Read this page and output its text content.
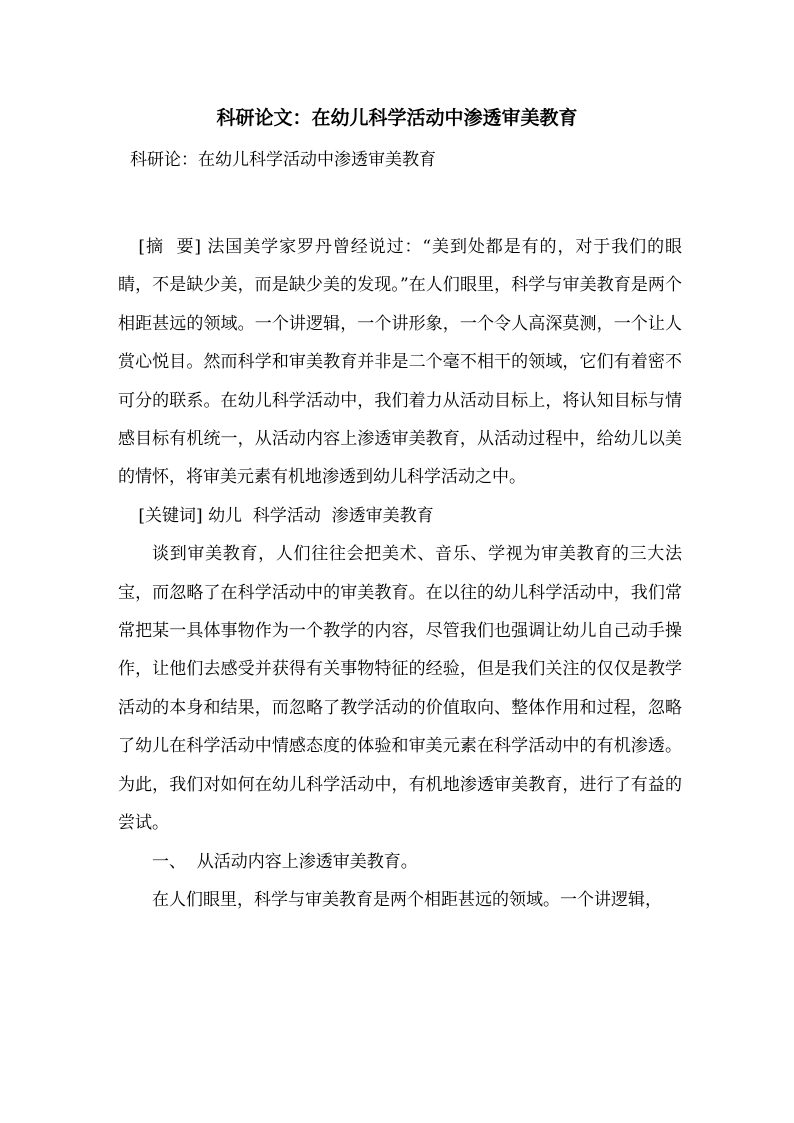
科研论文：在幼儿科学活动中渗透审美教育
科研论：在幼儿科学活动中渗透审美教育

[摘  要] 法国美学家罗丹曾经说过：“美到处都是有的，对于我们的眼睛，不是缺少美，而是缺少美的发现。”在人们眼里，科学与审美教育是两个相距甚远的领域。一个讲逻辑，一个讲形象，一个令人高深莫测，一个让人赏心悦目。然而科学和审美教育并非是二个毫不相干的领域，它们有着密不可分的联系。在幼儿科学活动中，我们着力从活动目标上，将认知目标与情感目标有机统一，从活动内容上渗透审美教育，从活动过程中，给幼儿以美的情怀，将审美元素有机地渗透到幼儿科学活动之中。

[关键词] 幼儿  科学活动  渗透审美教育

谈到审美教育，人们往往会把美术、音乐、学视为审美教育的三大法宝，而忽略了在科学活动中的审美教育。在以往的幼儿科学活动中，我们常常把某一具体事物作为一个教学的内容，尽管我们也强调让幼儿自己动手操作，让他们去感受并获得有关事物特征的经验，但是我们关注的仅仅是教学活动的本身和结果，而忽略了教学活动的价值取向、整体作用和过程，忽略了幼儿在科学活动中情感态度的体验和审美元素在科学活动中的有机渗透。为此，我们对如何在幼儿科学活动中，有机地渗透审美教育，进行了有益的尝试。

一、  从活动内容上渗透审美教育。

在人们眼里，科学与审美教育是两个相距甚远的领域。一个讲逻辑，
